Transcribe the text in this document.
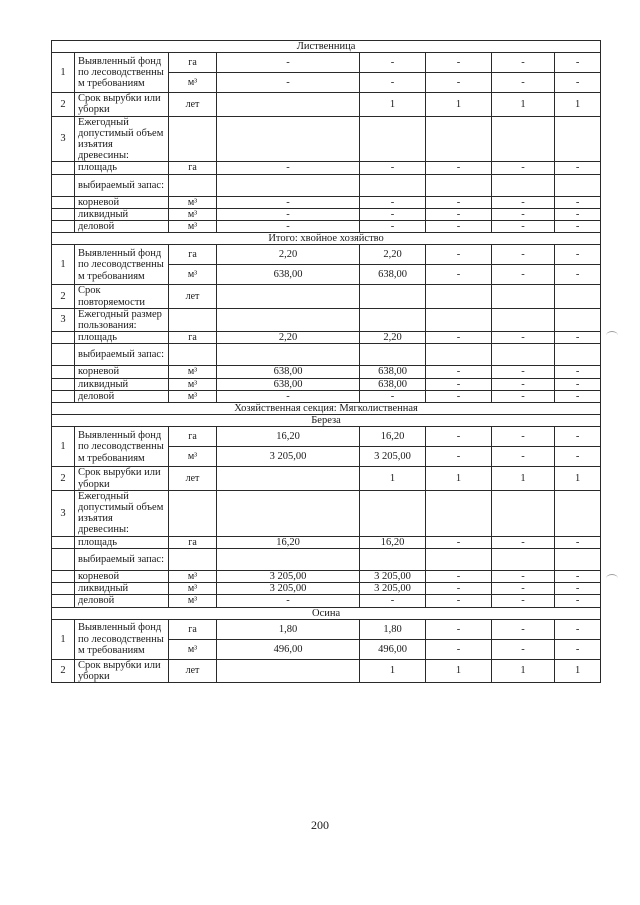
Лиственница								
1	Выявленный фонд по лесоводственны м требованиям	га	-	-	-	-	-	
		м³	-	-	-	-	-	
2	Срок вырубки или уборки	лет		1	1	1	1	
3	Ежегодный допустимый объем изъятия древесины:							
	площадь	га	-	-	-	-	-	
	выбираемый запас:							
	корневой	м³	-	-	-	-	-	
	ликвидный	м³	-	-	-	-	-	
	деловой	м³	-	-	-	-	-	
Итого: хвойное хозяйство								
1	Выявленный фонд по лесоводственны м требованиям	га	2,20	2,20	-	-	-	
		м³	638,00	638,00	-	-	-	
2	Срок повторяемости	лет						
3	Ежегодный размер пользования:							
	площадь	га	2,20	2,20	-	-	-	
	выбираемый запас:							
	корневой	м³	638,00	638,00	-	-	-	
	ликвидный	м³	638,00	638,00	-	-	-	
	деловой	м³	-	-	-	-	-	
Хозяйственная секция: Мягколиственная								
Береза								
1	Выявленный фонд по лесоводственны м требованиям	га	16,20	16,20	-	-	-	
		м³	3 205,00	3 205,00	-	-	-	
2	Срок вырубки или уборки	лет		1	1	1	1	
3	Ежегодный допустимый объем изъятия древесины:							
	площадь	га	16,20	16,20	-	-	-	
	выбираемый запас:							
	корневой	м³	3 205,00	3 205,00	-	-	-	
	ликвидный	м³	3 205,00	3 205,00	-	-	-	
	деловой	м³	-	-	-	-	-	
Осина								
1	Выявленный фонд по лесоводственны м требованиям	га	1,80	1,80	-	-	-	
		м³	496,00	496,00	-	-	-	
2	Срок вырубки или уборки	лет		1	1	1	1	
200
